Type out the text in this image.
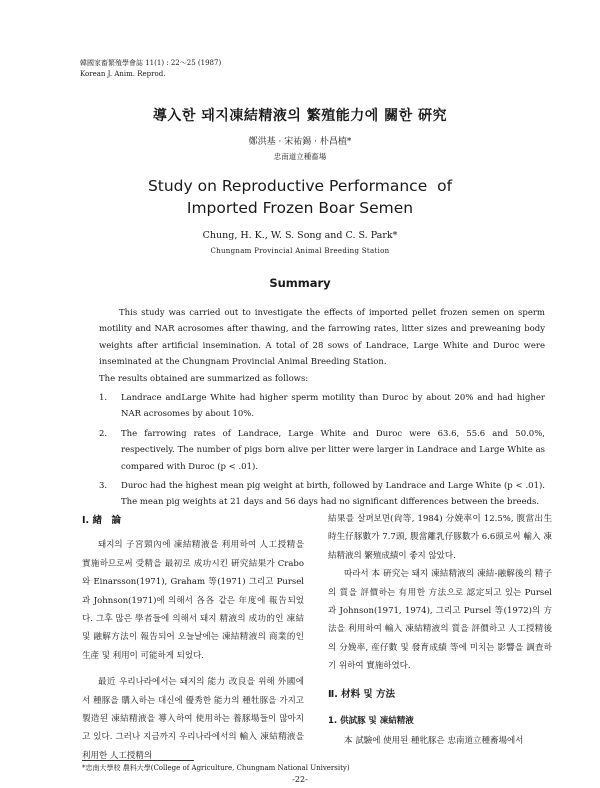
韓國家畜繁殖學會誌 11(1) : 22～25 (1987)
Korean J. Anim. Reprod.
導入한 돼지凍結精液의 繁殖能力에 關한 硏究
鄭洪基 · 宋祐錫 · 朴昌植*
忠南道立種畜場
Study on Reproductive Performance  of
Imported Frozen Boar Semen
Chung, H. K., W. S. Song and C. S. Park*
Chungnam Provincial Animal Breeding Station
Summary

This study was carried out to investigate the effects of imported pellet frozen semen on sperm motility and NAR acrosomes after thawing, and the farrowing rates, litter sizes and preweaning body weights after artificial insemination. A total of 28 sows of Landrace, Large White and Duroc were inseminated at the Chungnam Provincial Animal Breeding Station.

The results obtained are summarized as follows:

1. Landrace andLarge White had higher sperm motility than Duroc by about 20% and had higher NAR acrosomes by about 10%.
2. The farrowing rates of Landrace, Large White and Duroc were 63.6, 55.6 and 50.0%, respectively. The number of pigs born alive per litter were larger in Landrace and Large White as compared with Duroc (p < .01).
3. Duroc had the highest mean pig weight at birth, followed by Landrace and Large White (p < .01). The mean pig weights at 21 days and 56 days had no significant differences between the breeds.
Ⅰ. 緖　論

돼지의 子宮頸內에 凍結精液을 利用하여 人工授精을 實施하므로써 受精을 最初로 成功시킨 硏究結果가 Crabo 와 Einarsson(1971), Graham 等(1971) 그리고 Pursel 과 Johnson(1971)에 의해서 各各 같은 年度에 報告되었다. 그후 많은 學者들에 의해서 돼지 精液의 成功的인 凍結 및 融解方法이 報告되어 오늘날에는 凍結精液의 商業的인 生產 및 利用이 可能하게 되었다.

最近 우리나라에서는 돼지의 能力 改良을 위해 外國에서 種豚을 購入하는 대신에 優秀한 能力의 種牡豚을 가지고 製造된 凍結精液을 導入하여 使用하는 養豚場들이 많아지고 있다. 그러나 지금까지 우리나라에서의 輸入 凍結精液을 利用한 人工授精의

結果를 살펴보면(尙等, 1984) 分娩率이 12.5%, 腹當出生時生仔豚數가 7.7頭, 腹當離乳仔豚數가 6.6頭로써 輸入 凍結精液의 繁殖成績이 좋지 않았다.

따라서 本 硏究는 돼지 凍結精液의 凍結-融解後의 精子의 質을 評價하는 有用한 方法으로 認定되고 있는 Pursel 과 Johnson(1971, 1974), 그리고 Pursel 等(1972)의 方法을 利用하여 輸入 凍結精液의 質을 評價하고 人工授精後의 分娩率, 産仔數 및 發育成績 等에 미치는 影響을 調査하기 위하여 實施하였다.

Ⅱ. 材料 및 方法
1. 供試豚 및 凍結精液

本 試驗에 使用된 種牝豚은 忠南道立種畜場에서

*忠南大學校 農科大學(College of Agriculture, Chungnam National University)
-22-
